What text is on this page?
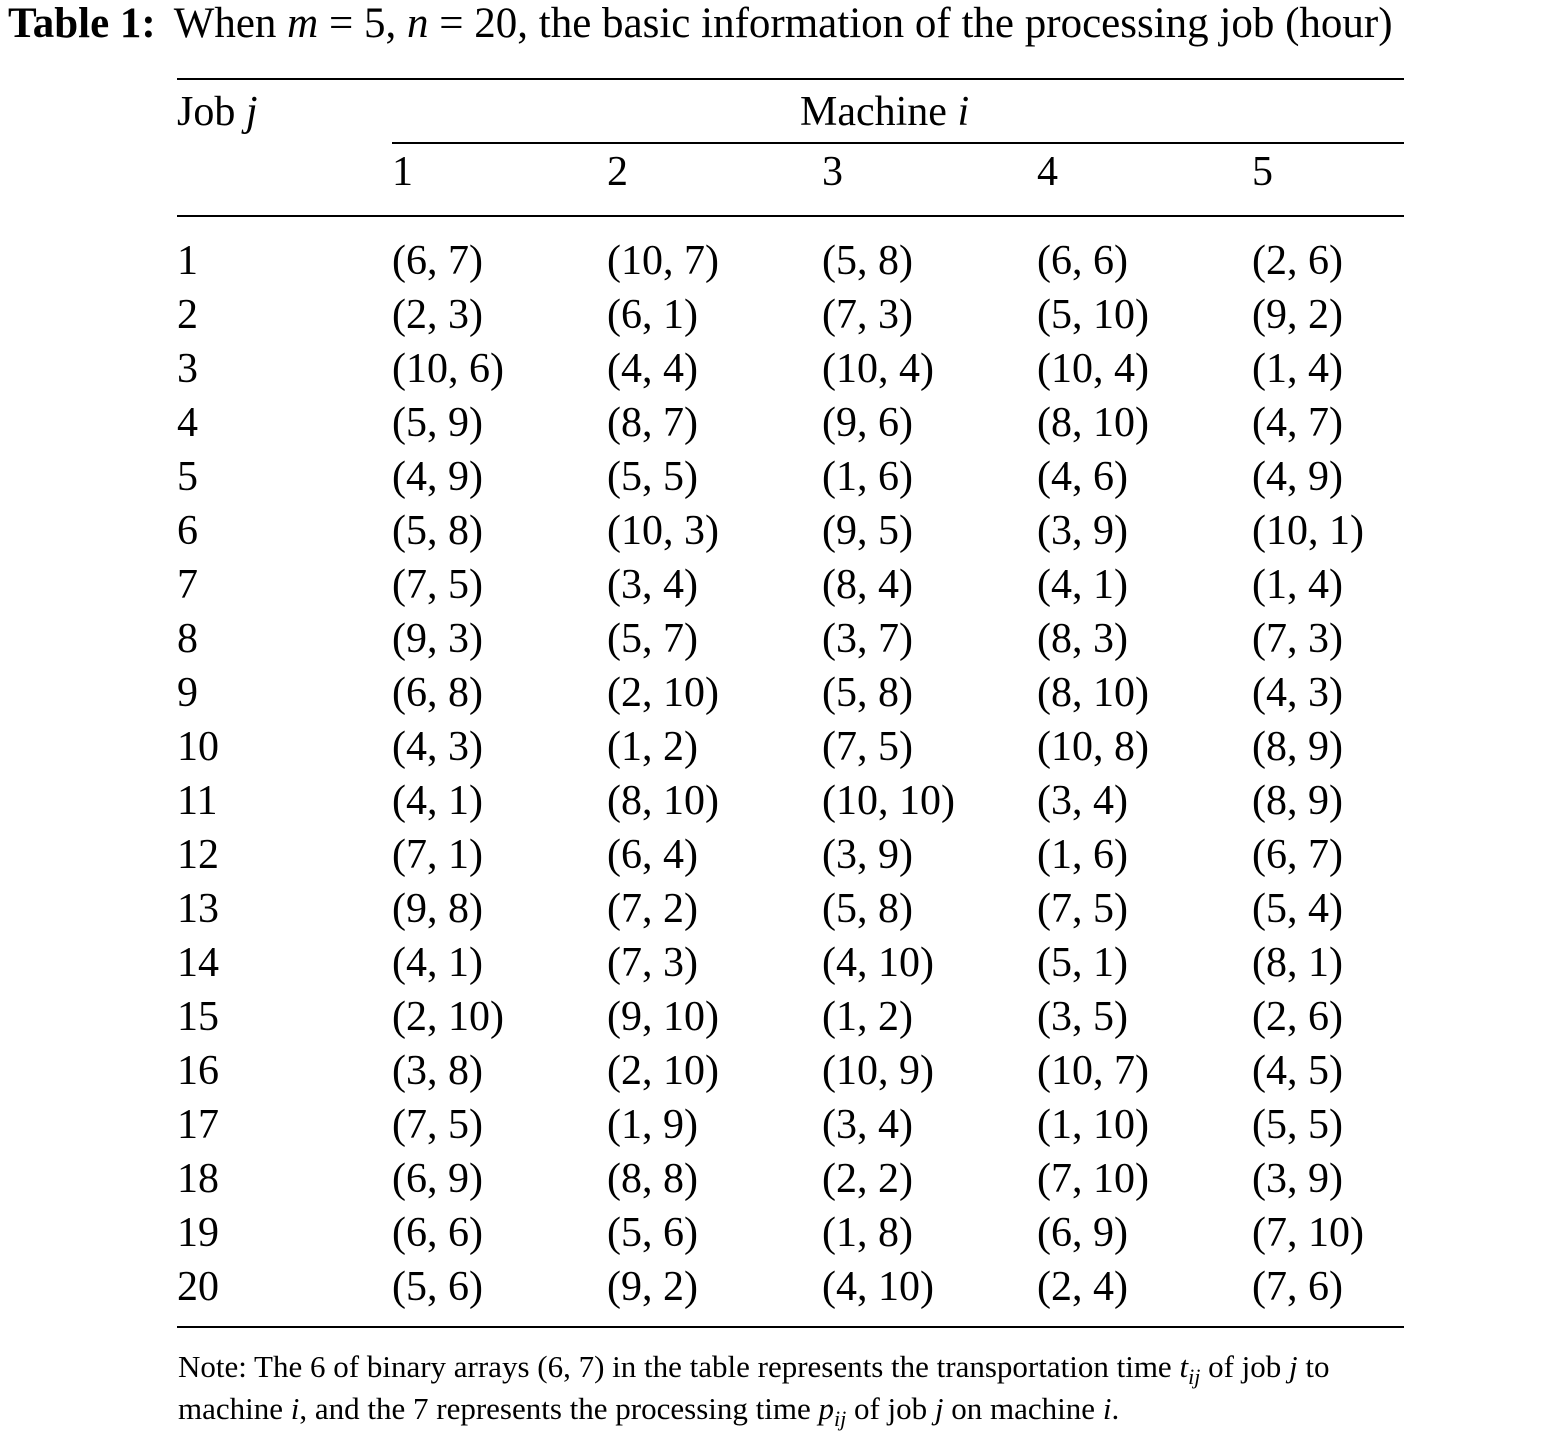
Table 1: When m = 5, n = 20, the basic information of the processing job (hour)
Job j	Machine i
1	2	3	4	5
1	(6, 7)	(10, 7) (5, 8)	(6, 6)	(2, 6)
2	(2, 3)	(6, 1)	(7, 3)	(5, 10) (9, 2)
3	(10, 6) (4, 4)	(10, 4) (10, 4) (1, 4)
4	(5, 9)	(8, 7)	(9, 6)	(8, 10) (4, 7)
5	(4, 9)	(5, 5)	(1, 6)	(4, 6)	(4, 9)
6	(5, 8)	(10, 3) (9, 5)	(3, 9)	(10, 1)
7	(7, 5)	(3, 4)	(8, 4)	(4, 1)	(1, 4)
8	(9, 3)	(5, 7)	(3, 7)	(8, 3)	(7, 3)
9	(6, 8)	(2, 10) (5, 8)	(8, 10) (4, 3)
10	(4, 3)	(1, 2)	(7, 5)	(10, 8) (8, 9)
11	(4, 1)	(8, 10) (10, 10) (3, 4)	(8, 9)
12	(7, 1)	(6, 4)	(3, 9)	(1, 6)	(6, 7)
13	(9, 8)	(7, 2)	(5, 8)	(7, 5)	(5, 4)
14	(4, 1)	(7, 3)	(4, 10) (5, 1)	(8, 1)
15	(2, 10) (9, 10) (1, 2)	(3, 5)	(2, 6)
16	(3, 8)	(2, 10) (10, 9) (10, 7) (4, 5)
17	(7, 5)	(1, 9)	(3, 4)	(1, 10) (5, 5)
18	(6, 9)	(8, 8)	(2, 2)	(7, 10) (3, 9)
19	(6, 6)	(5, 6)	(1, 8)	(6, 9)	(7, 10)
20	(5, 6)	(9, 2)	(4, 10) (2, 4)	(7, 6)
Note: The 6 of binary arrays (6, 7) in the table represents the transportation time $t_{ij}$ of job j to machine i, and the 7 represents the processing time $p_{ij}$ of job j on machine i.
